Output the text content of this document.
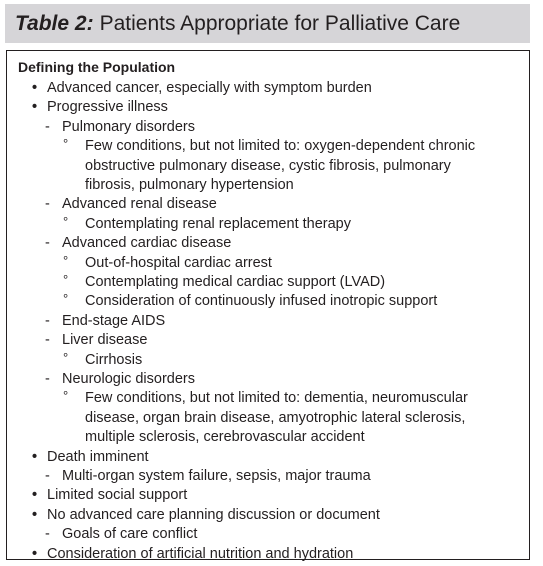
Table 2: Patients Appropriate for Palliative Care
Defining the Population
• Advanced cancer, especially with symptom burden
• Progressive illness
- Pulmonary disorders
° Few conditions, but not limited to: oxygen-dependent chronic
obstructive pulmonary disease, cystic fibrosis, pulmonary
fibrosis, pulmonary hypertension
- Advanced renal disease
° Contemplating renal replacement therapy
- Advanced cardiac disease
° Out-of-hospital cardiac arrest
° Contemplating medical cardiac support (LVAD)
° Consideration of continuously infused inotropic support
- End-stage AIDS
- Liver disease
° Cirrhosis
- Neurologic disorders
° Few conditions, but not limited to: dementia, neuromuscular
disease, organ brain disease, amyotrophic lateral sclerosis,
multiple sclerosis, cerebrovascular accident
• Death imminent
- Multi-organ system failure, sepsis, major trauma
• Limited social support
• No advanced care planning discussion or document
- Goals of care conflict
• Consideration of artificial nutrition and hydration
